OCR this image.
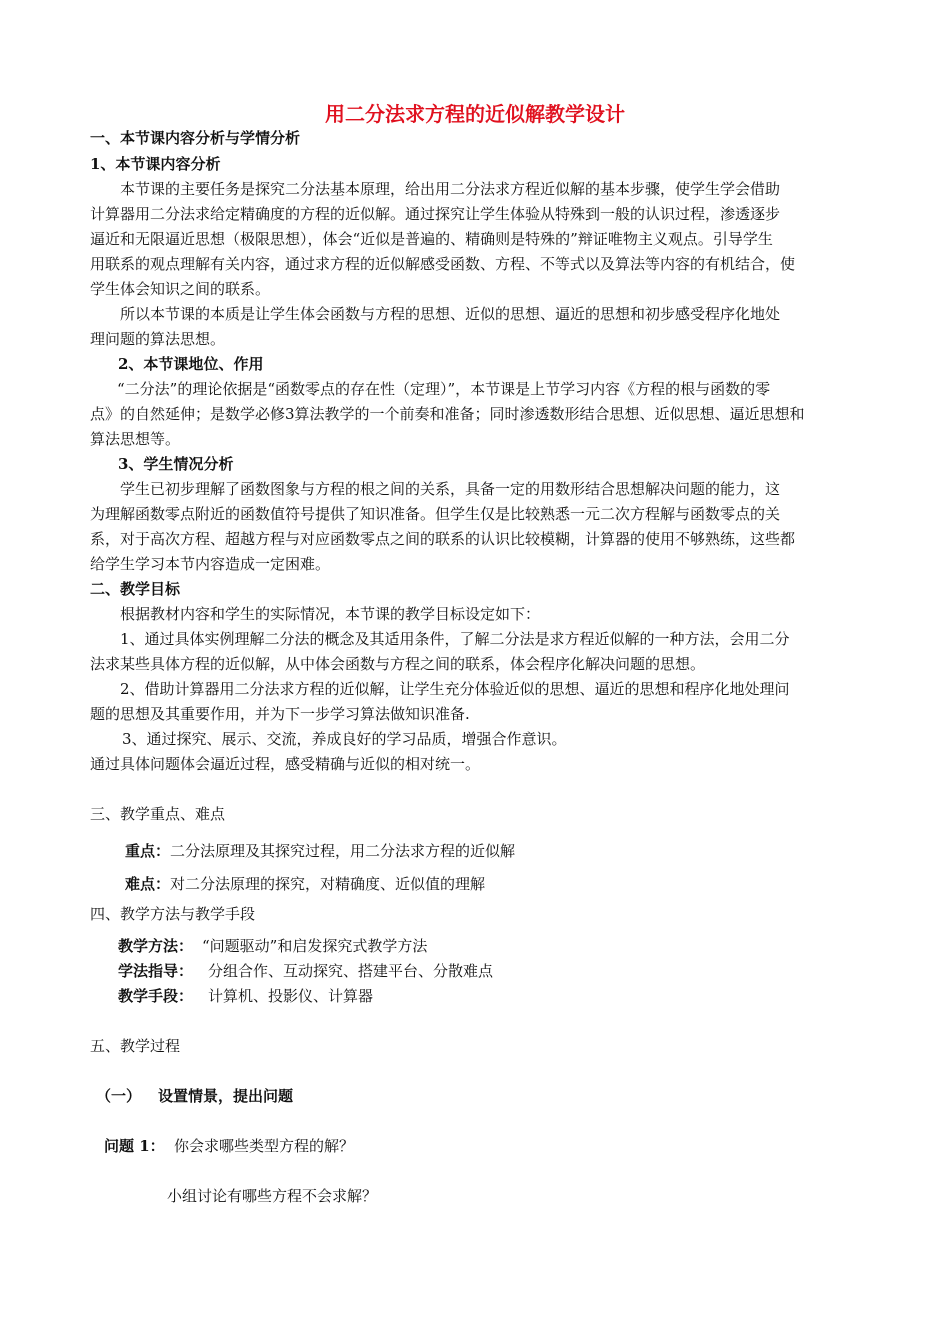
用二分法求方程的近似解教学设计
一、本节课内容分析与学情分析
1、本节课内容分析
本节课的主要任务是探究二分法基本原理，给出用二分法求方程近似解的基本步骤，使学生学会借助
计算器用二分法求给定精确度的方程的近似解。通过探究让学生体验从特殊到一般的认识过程，渗透逐步
逼近和无限逼近思想（极限思想），体会“近似是普遍的、精确则是特殊的”辩证唯物主义观点。引导学生
用联系的观点理解有关内容，通过求方程的近似解感受函数、方程、不等式以及算法等内容的有机结合，使
学生体会知识之间的联系。
所以本节课的本质是让学生体会函数与方程的思想、近似的思想、逼近的思想和初步感受程序化地处
理问题的算法思想。
2、本节课地位、作用
“二分法”的理论依据是“函数零点的存在性（定理）”，本节课是上节学习内容《方程的根与函数的零
点》的自然延伸；是数学必修3算法教学的一个前奏和准备；同时渗透数形结合思想、近似思想、逼近思想和
算法思想等。
3、学生情况分析
学生已初步理解了函数图象与方程的根之间的关系，具备一定的用数形结合思想解决问题的能力，这
为理解函数零点附近的函数值符号提供了知识准备。但学生仅是比较熟悉一元二次方程解与函数零点的关
系，对于高次方程、超越方程与对应函数零点之间的联系的认识比较模糊，计算器的使用不够熟练，这些都
给学生学习本节内容造成一定困难。
二、教学目标
根据教材内容和学生的实际情况，本节课的教学目标设定如下：
1、通过具体实例理解二分法的概念及其适用条件，了解二分法是求方程近似解的一种方法，会用二分
法求某些具体方程的近似解，从中体会函数与方程之间的联系，体会程序化解决问题的思想。
2、借助计算器用二分法求方程的近似解，让学生充分体验近似的思想、逼近的思想和程序化地处理问
题的思想及其重要作用，并为下一步学习算法做知识准备.
3、通过探究、展示、交流，养成良好的学习品质，增强合作意识。
通过具体问题体会逼近过程，感受精确与近似的相对统一。
三、教学重点、难点
重点：二分法原理及其探究过程，用二分法求方程的近似解
难点：对二分法原理的探究，对精确度、近似值的理解
四、教学方法与教学手段
教学方法： “问题驱动”和启发探究式教学方法
学法指导： 分组合作、互动探究、搭建平台、分散难点
教学手段： 计算机、投影仪、计算器
五、教学过程
（一） 设置情景，提出问题
问题 1： 你会求哪些类型方程的解？
小组讨论有哪些方程不会求解？
